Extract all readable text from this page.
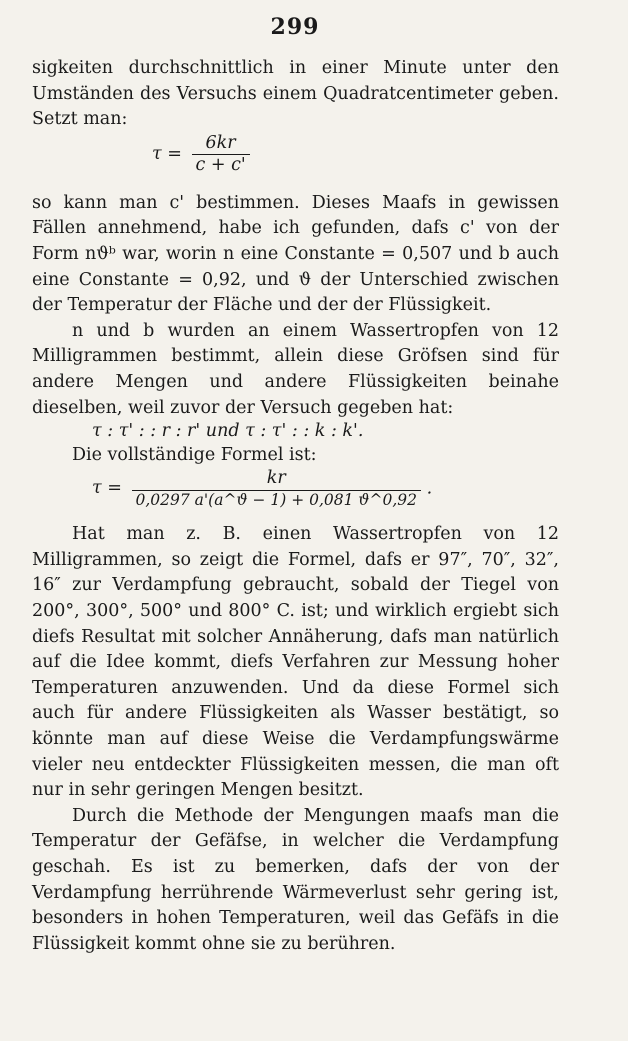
299

sigkeiten durchschnittlich in einer Minute unter den Umständen des Versuchs einem Quadratcentimeter geben. Setzt man:

$\tau = \frac{6kr}{c + c'}$

so kann man c' bestimmen. Dieses Maafs in gewissen Fällen annehmend, habe ich gefunden, dafs c' von der Form nϑᵇ war, worin n eine Constante = 0,507 und b auch eine Constante = 0,92, und ϑ der Unterschied zwischen der Temperatur der Fläche und der der Flüssigkeit.

n und b wurden an einem Wassertropfen von 12 Milligrammen bestimmt, allein diese Gröfsen sind für andere Mengen und andere Flüssigkeiten beinahe dieselben, weil zuvor der Versuch gegeben hat:

τ : τ' : : r : r' und τ : τ' : : k : k'.

Die vollständige Formel ist:

$\tau = \frac{kr}{0,0297 a'(a\^{}ϑ - 1) + 0,081 ϑ\^{}0,92}$ .

Hat man z. B. einen Wassertropfen von 12 Milligrammen, so zeigt die Formel, dafs er 97″, 70″, 32″, 16″ zur Verdampfung gebraucht, sobald der Tiegel von 200°, 300°, 500° und 800° C. ist; und wirklich ergiebt sich diefs Resultat mit solcher Annäherung, dafs man natürlich auf die Idee kommt, diefs Verfahren zur Messung hoher Temperaturen anzuwenden. Und da diese Formel sich auch für andere Flüssigkeiten als Wasser bestätigt, so könnte man auf diese Weise die Verdampfungswärme vieler neu entdeckter Flüssigkeiten messen, die man oft nur in sehr geringen Mengen besitzt.

Durch die Methode der Mengungen maafs man die Temperatur der Gefäfse, in welcher die Verdampfung geschah. Es ist zu bemerken, dafs der von der Verdampfung herrührende Wärmeverlust sehr gering ist, besonders in hohen Temperaturen, weil das Gefäfs in die Flüssigkeit kommt ohne sie zu berühren.
